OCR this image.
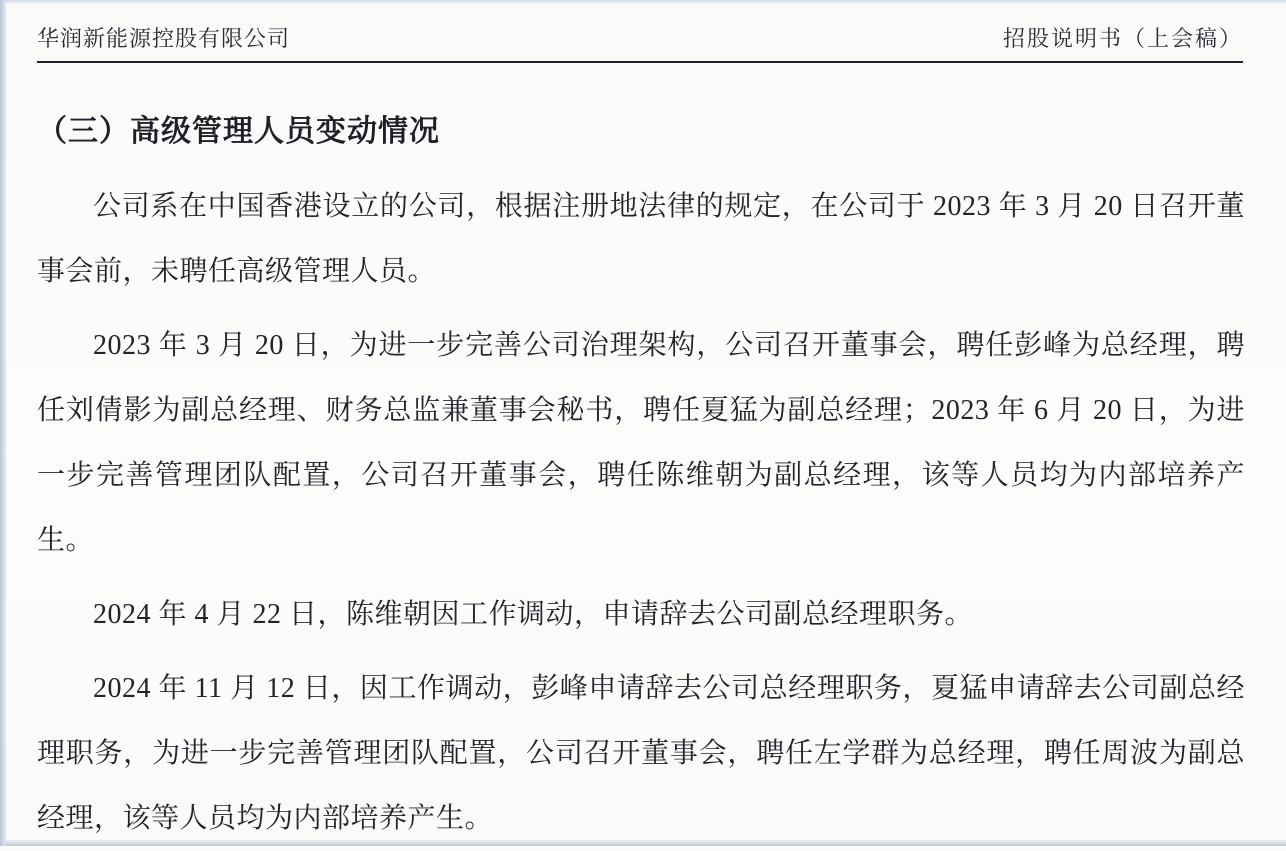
华润新能源控股有限公司	招股说明书（上会稿）
（三）高级管理人员变动情况

公司系在中国香港设立的公司，根据注册地法律的规定，在公司于 2023 年 3 月 20 日召开董事会前，未聘任高级管理人员。

2023 年 3 月 20 日，为进一步完善公司治理架构，公司召开董事会，聘任彭峰为总经理，聘任刘倩影为副总经理、财务总监兼董事会秘书，聘任夏猛为副总经理；2023 年 6 月 20 日，为进一步完善管理团队配置，公司召开董事会，聘任陈维朝为副总经理，该等人员均为内部培养产生。

2024 年 4 月 22 日，陈维朝因工作调动，申请辞去公司副总经理职务。

2024 年 11 月 12 日，因工作调动，彭峰申请辞去公司总经理职务，夏猛申请辞去公司副总经理职务，为进一步完善管理团队配置，公司召开董事会，聘任左学群为总经理，聘任周波为副总经理，该等人员均为内部培养产生。
